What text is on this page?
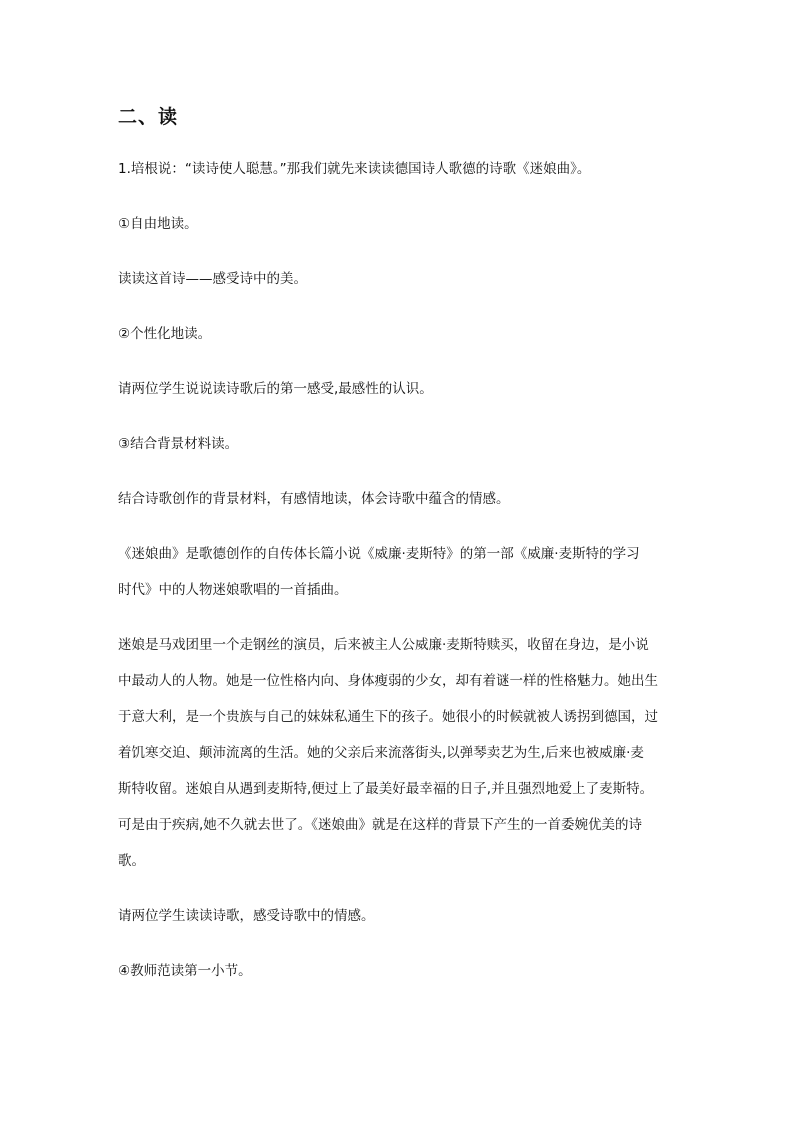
二、读
1.培根说：“读诗使人聪慧。”那我们就先来读读德国诗人歌德的诗歌《迷娘曲》。
①自由地读。
读读这首诗——感受诗中的美。
②个性化地读。
请两位学生说说读诗歌后的第一感受,最感性的认识。
③结合背景材料读。
结合诗歌创作的背景材料，有感情地读，体会诗歌中蕴含的情感。
《迷娘曲》是歌德创作的自传体长篇小说《威廉·麦斯特》的第一部《威廉·麦斯特的学习
时代》中的人物迷娘歌唱的一首插曲。
迷娘是马戏团里一个走钢丝的演员，后来被主人公威廉·麦斯特赎买，收留在身边，是小说
中最动人的人物。她是一位性格内向、身体瘦弱的少女，却有着谜一样的性格魅力。她出生
于意大利，是一个贵族与自己的妹妹私通生下的孩子。她很小的时候就被人诱拐到德国，过
着饥寒交迫、颠沛流离的生活。她的父亲后来流落街头,以弹琴卖艺为生,后来也被威廉·麦
斯特收留。迷娘自从遇到麦斯特,便过上了最美好最幸福的日子,并且强烈地爱上了麦斯特。
可是由于疾病,她不久就去世了。《迷娘曲》就是在这样的背景下产生的一首委婉优美的诗
歌。
请两位学生读读诗歌，感受诗歌中的情感。
④教师范读第一小节。
